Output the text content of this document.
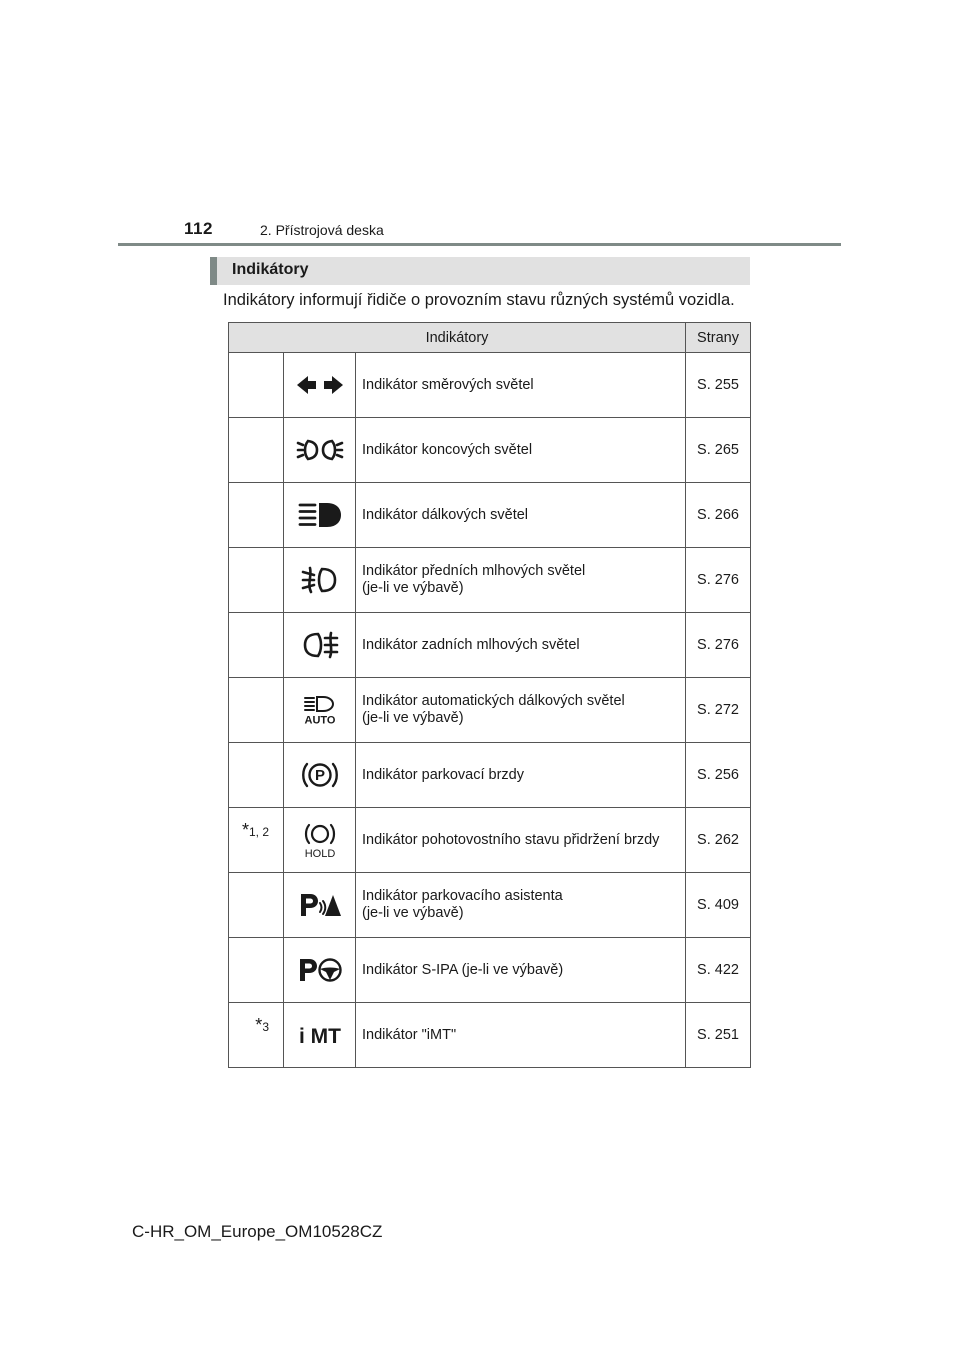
112	2. Přístrojová deska
Indikátory
Indikátory informují řidiče o provozním stavu různých systémů vozidla.
Indikátory			Strany

Indikátor směrových světel	S. 255

Indikátor koncových světel	S. 265

Indikátor dálkových světel	S. 266

Indikátor předních mlhových světel
(je-li ve výbavě)	S. 276

Indikátor zadních mlhových světel	S. 276

AUTO	Indikátor automatických dálkových světel
(je-li ve výbavě)	S. 272

P	Indikátor parkovací brzdy	S. 256
*1, 2	HOLD	Indikátor pohotovostního stavu přidržení brzdy	S. 262

Indikátor parkovacího asistenta
(je-li ve výbavě)	S. 409

Indikátor S-IPA (je-li ve výbavě)	S. 422
*3	i MT	Indikátor "iMT"	S. 251
C-HR_OM_Europe_OM10528CZ
